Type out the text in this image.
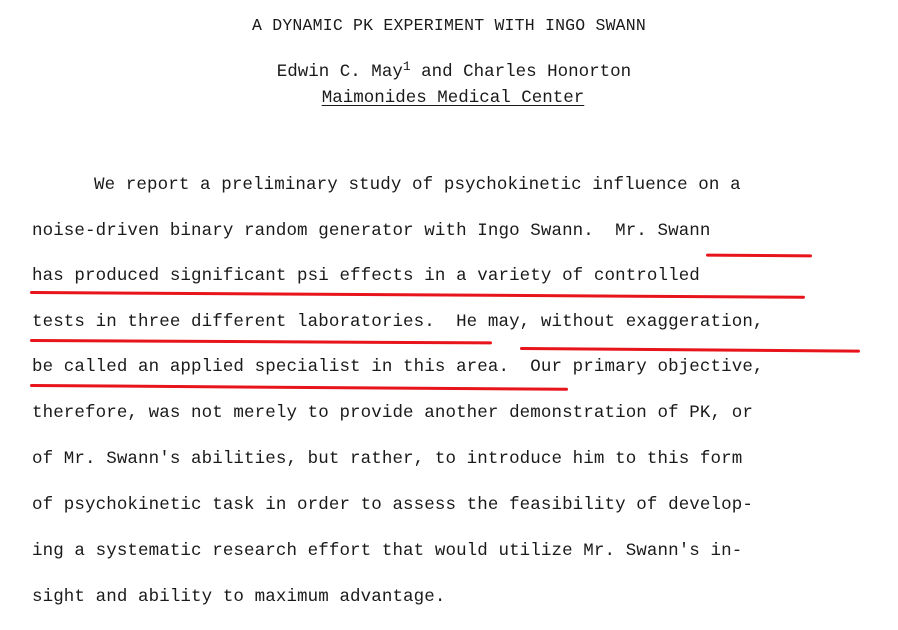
A DYNAMIC PK EXPERIMENT WITH INGO SWANN
Edwin C. May$^1$ and Charles Honorton
Maimonides Medical Center
We report a preliminary study of psychokinetic influence on a
noise-driven binary random generator with Ingo Swann.  Mr. Swann
has produced significant psi effects in a variety of controlled
tests in three different laboratories.  He may, without exaggeration,
be called an applied specialist in this area.  Our primary objective,
therefore, was not merely to provide another demonstration of PK, or
of Mr. Swann's abilities, but rather, to introduce him to this form
of psychokinetic task in order to assess the feasibility of develop-
ing a systematic research effort that would utilize Mr. Swann's in-
sight and ability to maximum advantage.
